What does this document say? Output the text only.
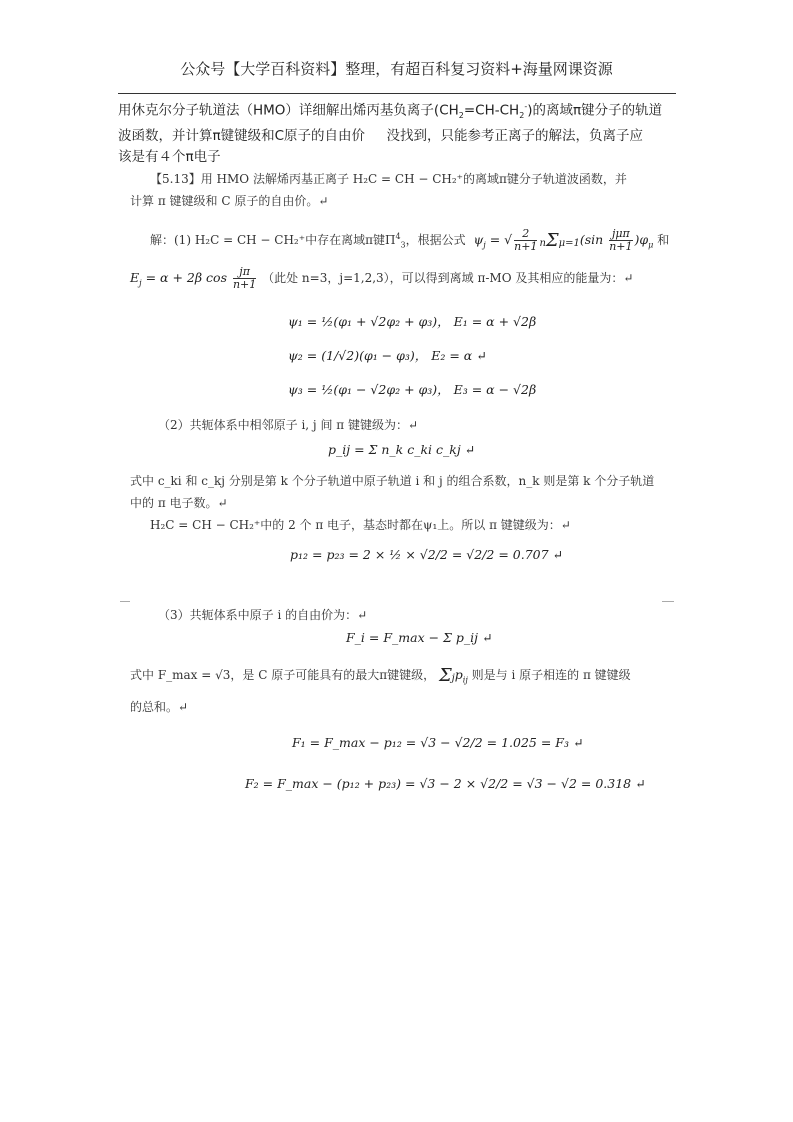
公众号【大学百科资料】整理，有超百科复习资料+海量网课资源
用休克尔分子轨道法（HMO）详细解出烯丙基负离子$(CH_2=CH-CH_2^-)$的离域π键分子的轨道
波函数，并计算π键键级和C原子的自由价 没找到，只能参考正离子的解法，负离子应
该是有４个π电子
【5.13】用 HMO 法解烯丙基正离子 H₂C = CH − CH₂⁺的离域π键分子轨道波函数，并
计算 π 键键级和 C 原子的自由价。↵
解：(1) H₂C = CH − CH₂⁺中存在离域π键$\Pi^4_3$，根据公式  $\psi_j$ = √ $\frac{2}{n+1} n\Sigma\mu=1(\sin \frac{\text{jμπ}}{n+1} )\varphi_\mu$ 和
$E_j = \alpha + 2\beta$ $\cos \frac{j\pi}{n+1}$ （此处 n=3，j=1,2,3），可以得到离域 π-MO 及其相应的能量为：↵
ψ₁ = ½(φ₁ + √2φ₂ + φ₃)， E₁ = α + √2β
ψ₂ = (1/√2)(φ₁ − φ₃)， E₂ = α ↵
ψ₃ = ½(φ₁ − √2φ₂ + φ₃)， E₃ = α − √2β
（2）共轭体系中相邻原子 i, j 间 π 键键级为：↵
p_ij = Σ n_k c_ki c_kj ↵
式中 c_ki 和 c_kj 分别是第 k 个分子轨道中原子轨道 i 和 j 的组合系数，n_k 则是第 k 个分子轨道
中的 π 电子数。↵
H₂C = CH − CH₂⁺中的 2 个 π 电子，基态时都在ψ₁上。所以 π 键键级为：↵
p₁₂ = p₂₃ = 2 × ½ × √2/2 = √2/2 = 0.707 ↵
（3）共轭体系中原子 i 的自由价为：↵
F_i = F_max − Σ p_ij ↵
式中 F_max = √3，是 C 原子可能具有的最大π键键级， Σjp$_{ij}$ 则是与 i 原子相连的 π 键键级
的总和。↵
F₁ = F_max − p₁₂ = √3 − √2/2 = 1.025 = F₃ ↵
F₂ = F_max − (p₁₂ + p₂₃) = √3 − 2 × √2/2 = √3 − √2 = 0.318 ↵
